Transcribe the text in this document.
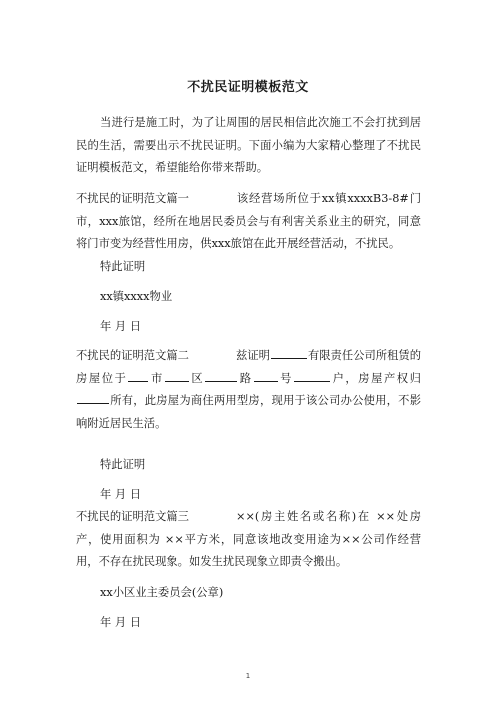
不扰民证明模板范文
当进行是施工时，为了让周围的居民相信此次施工不会打扰到居民的生活，需要出示不扰民证明。下面小编为大家精心整理了不扰民证明模板范文，希望能给你带来帮助。
不扰民的证明范文篇一	该经营场所位于xx镇xxxxB3-8#门市，xxx旅馆，经所在地居民委员会与有利害关系业主的研究，同意将门市变为经营性用房，供xxx旅馆在此开展经营活动，不扰民。
特此证明
xx镇xxxx物业
年 月 日
不扰民的证明范文篇二	兹证明	有限责任公司所租赁的房屋位于 市 区	路 号	户，房屋产权归所有，此房屋为商住两用型房，现用于该公司办公使用，不影响附近居民生活。
特此证明
年 月 日
不扰民的证明范文篇三	××(房主姓名或名称)在 ××处房产，使用面积为 ××平方米，同意该地改变用途为××公司作经营用，不存在扰民现象。如发生扰民现象立即责令搬出。
xx小区业主委员会(公章)
年 月 日
1
